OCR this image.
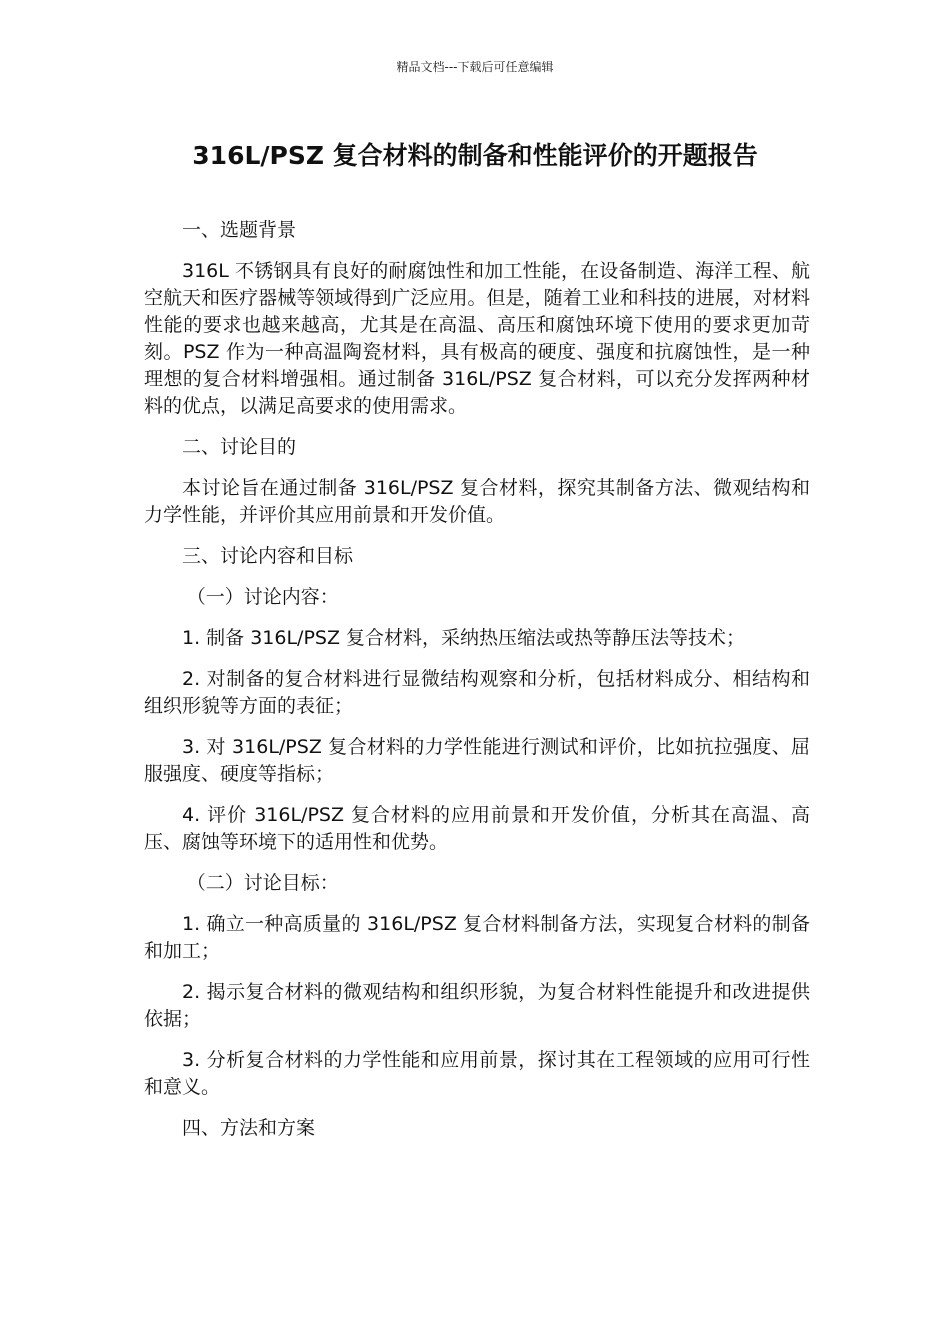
精品文档---下载后可任意编辑
316L/PSZ 复合材料的制备和性能评价的开题报告

一、选题背景

316L 不锈钢具有良好的耐腐蚀性和加工性能，在设备制造、海洋工程、航空航天和医疗器械等领域得到广泛应用。但是，随着工业和科技的进展，对材料性能的要求也越来越高，尤其是在高温、高压和腐蚀环境下使用的要求更加苛刻。PSZ 作为一种高温陶瓷材料，具有极高的硬度、强度和抗腐蚀性，是一种理想的复合材料增强相。通过制备 316L/PSZ 复合材料，可以充分发挥两种材料的优点，以满足高要求的使用需求。

二、讨论目的

本讨论旨在通过制备 316L/PSZ 复合材料，探究其制备方法、微观结构和力学性能，并评价其应用前景和开发价值。

三、讨论内容和目标

（一）讨论内容：

1. 制备 316L/PSZ 复合材料，采纳热压缩法或热等静压法等技术；

2. 对制备的复合材料进行显微结构观察和分析，包括材料成分、相结构和组织形貌等方面的表征；

3. 对 316L/PSZ 复合材料的力学性能进行测试和评价，比如抗拉强度、屈服强度、硬度等指标；

4. 评价 316L/PSZ 复合材料的应用前景和开发价值，分析其在高温、高压、腐蚀等环境下的适用性和优势。

（二）讨论目标：

1. 确立一种高质量的 316L/PSZ 复合材料制备方法，实现复合材料的制备和加工；

2. 揭示复合材料的微观结构和组织形貌，为复合材料性能提升和改进提供依据；

3. 分析复合材料的力学性能和应用前景，探讨其在工程领域的应用可行性和意义。

四、方法和方案
